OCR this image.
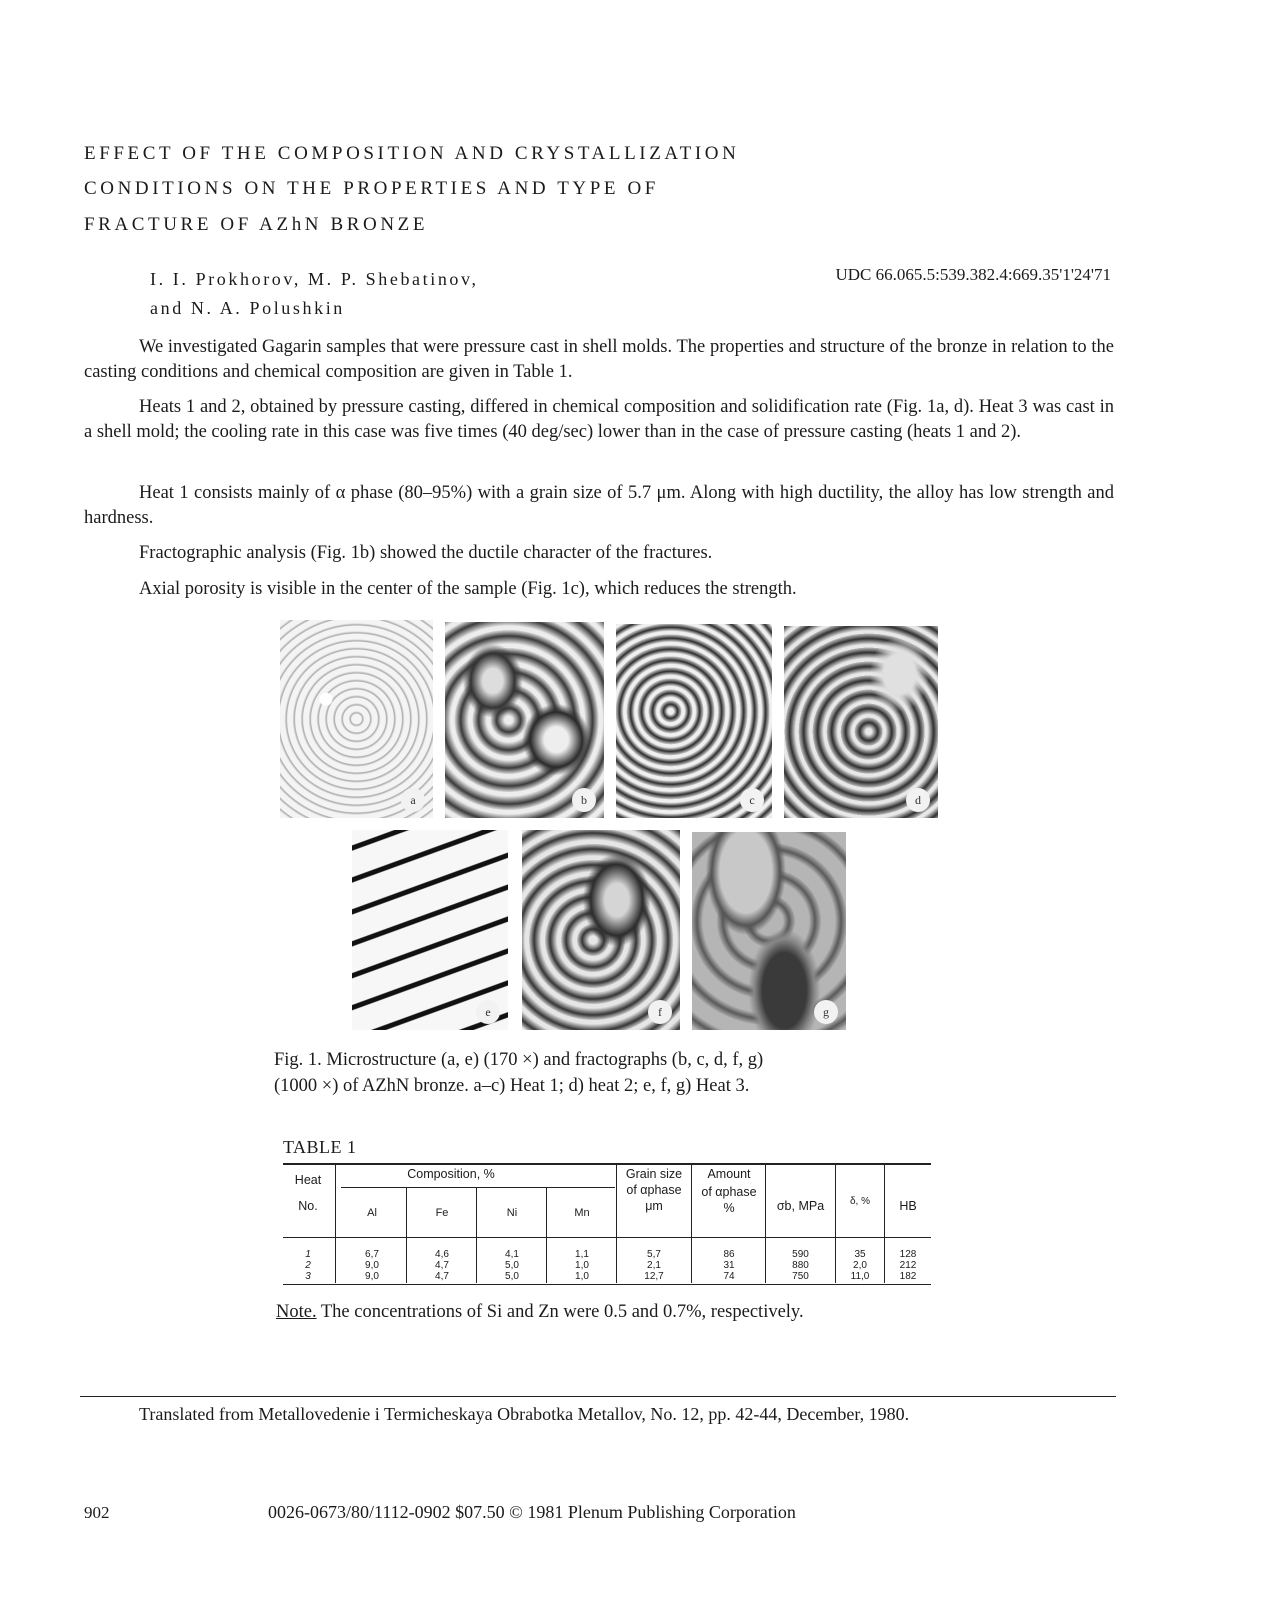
EFFECT OF THE COMPOSITION AND CRYSTALLIZATION
CONDITIONS ON THE PROPERTIES AND TYPE OF
FRACTURE OF AZhN BRONZE
I. I. Prokhorov, M. P. Shebatinov,
and N. A. Polushkin
UDC 66.065.5:539.382.4:669.35'1'24'71
We investigated Gagarin samples that were pressure cast in shell molds. The properties and structure of the bronze in relation to the casting conditions and chemical composition are given in Table 1.
Heats 1 and 2, obtained by pressure casting, differed in chemical composition and solidification rate (Fig. 1a, d). Heat 3 was cast in a shell mold; the cooling rate in this case was five times (40 deg/sec) lower than in the case of pressure casting (heats 1 and 2).
Heat 1 consists mainly of α phase (80–95%) with a grain size of 5.7 μm. Along with high ductility, the alloy has low strength and hardness.
Fractographic analysis (Fig. 1b) showed the ductile character of the fractures.
Axial porosity is visible in the center of the sample (Fig. 1c), which reduces the strength.
a	b	c	d
e	f	g
Fig. 1. Microstructure (a, e) (170 ×) and fractographs (b, c, d, f, g)
(1000 ×) of AZhN bronze. a–c) Heat 1; d) heat 2; e, f, g) Heat 3.
TABLE 1
Heat
No.
Composition, %
Al	Fe	Ni	Mn
Grain size
of αphase
μm
Amount
of αphase
%	σb, MPa	δ, %	HB
1	6,7	4,6	4,1	1,1	5,7	86	590	35	128
2	9,0	4,7	5,0	1,0	2,1	31	880	2,0	212
3	9,0	4,7	5,0	1,0	12,7	74	750	11,0	182
Note. The concentrations of Si and Zn were 0.5 and 0.7%, respectively.
Translated from Metallovedenie i Termicheskaya Obrabotka Metallov, No. 12, pp. 42-44, December, 1980.
902	0026-0673/80/1112-0902 $07.50 © 1981 Plenum Publishing Corporation
